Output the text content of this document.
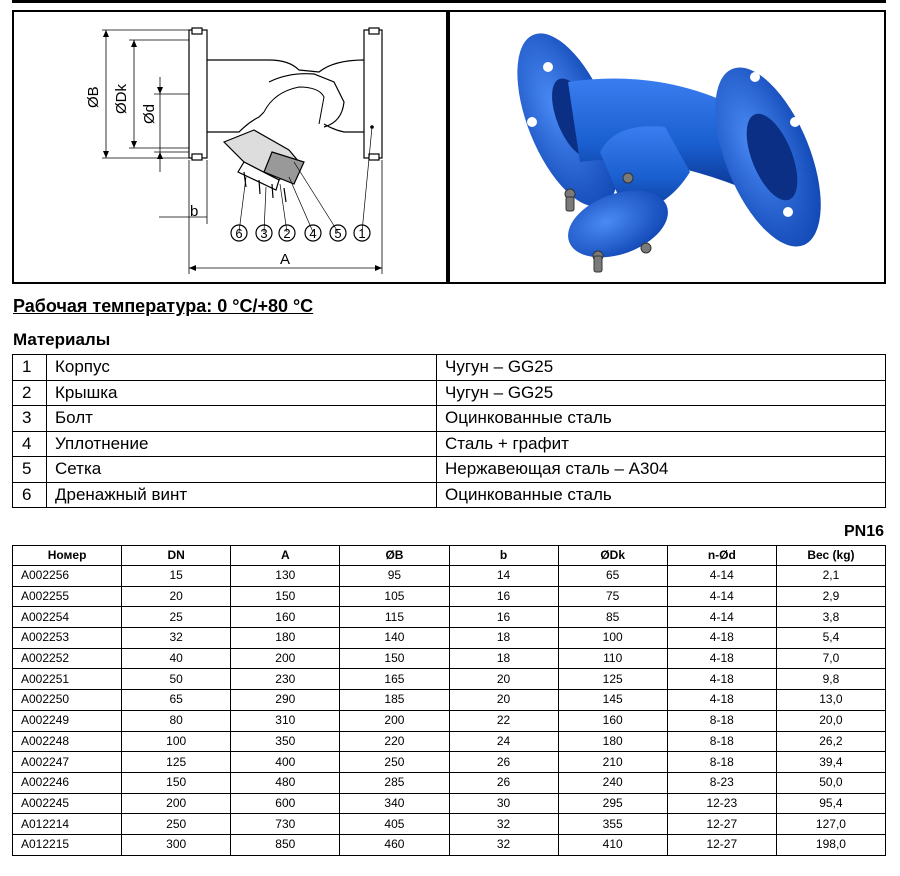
ØB ØDk Ød
b
A
6 3 2 4 5 1
Рабочая температура: 0 °C/+80 °C
Материалы
1	Корпус	Чугун – GG25
2	Крышка	Чугун – GG25
3	Болт	Оцинкованные сталь
4	Уплотнение	Сталь + графит
5	Сетка	Нержавеющая сталь – A304
6	Дренажный винт	Оцинкованные сталь
PN16
Номер	DN	A	ØB	b	ØDk	n-Ød	Вес (kg)
A002256	15	130	95	14	65	4-14	2,1
A002255	20	150	105	16	75	4-14	2,9
A002254	25	160	115	16	85	4-14	3,8
A002253	32	180	140	18	100	4-18	5,4
A002252	40	200	150	18	110	4-18	7,0
A002251	50	230	165	20	125	4-18	9,8
A002250	65	290	185	20	145	4-18	13,0
A002249	80	310	200	22	160	8-18	20,0
A002248	100	350	220	24	180	8-18	26,2
A002247	125	400	250	26	210	8-18	39,4
A002246	150	480	285	26	240	8-23	50,0
A002245	200	600	340	30	295	12-23	95,4
A012214	250	730	405	32	355	12-27	127,0
A012215	300	850	460	32	410	12-27	198,0
